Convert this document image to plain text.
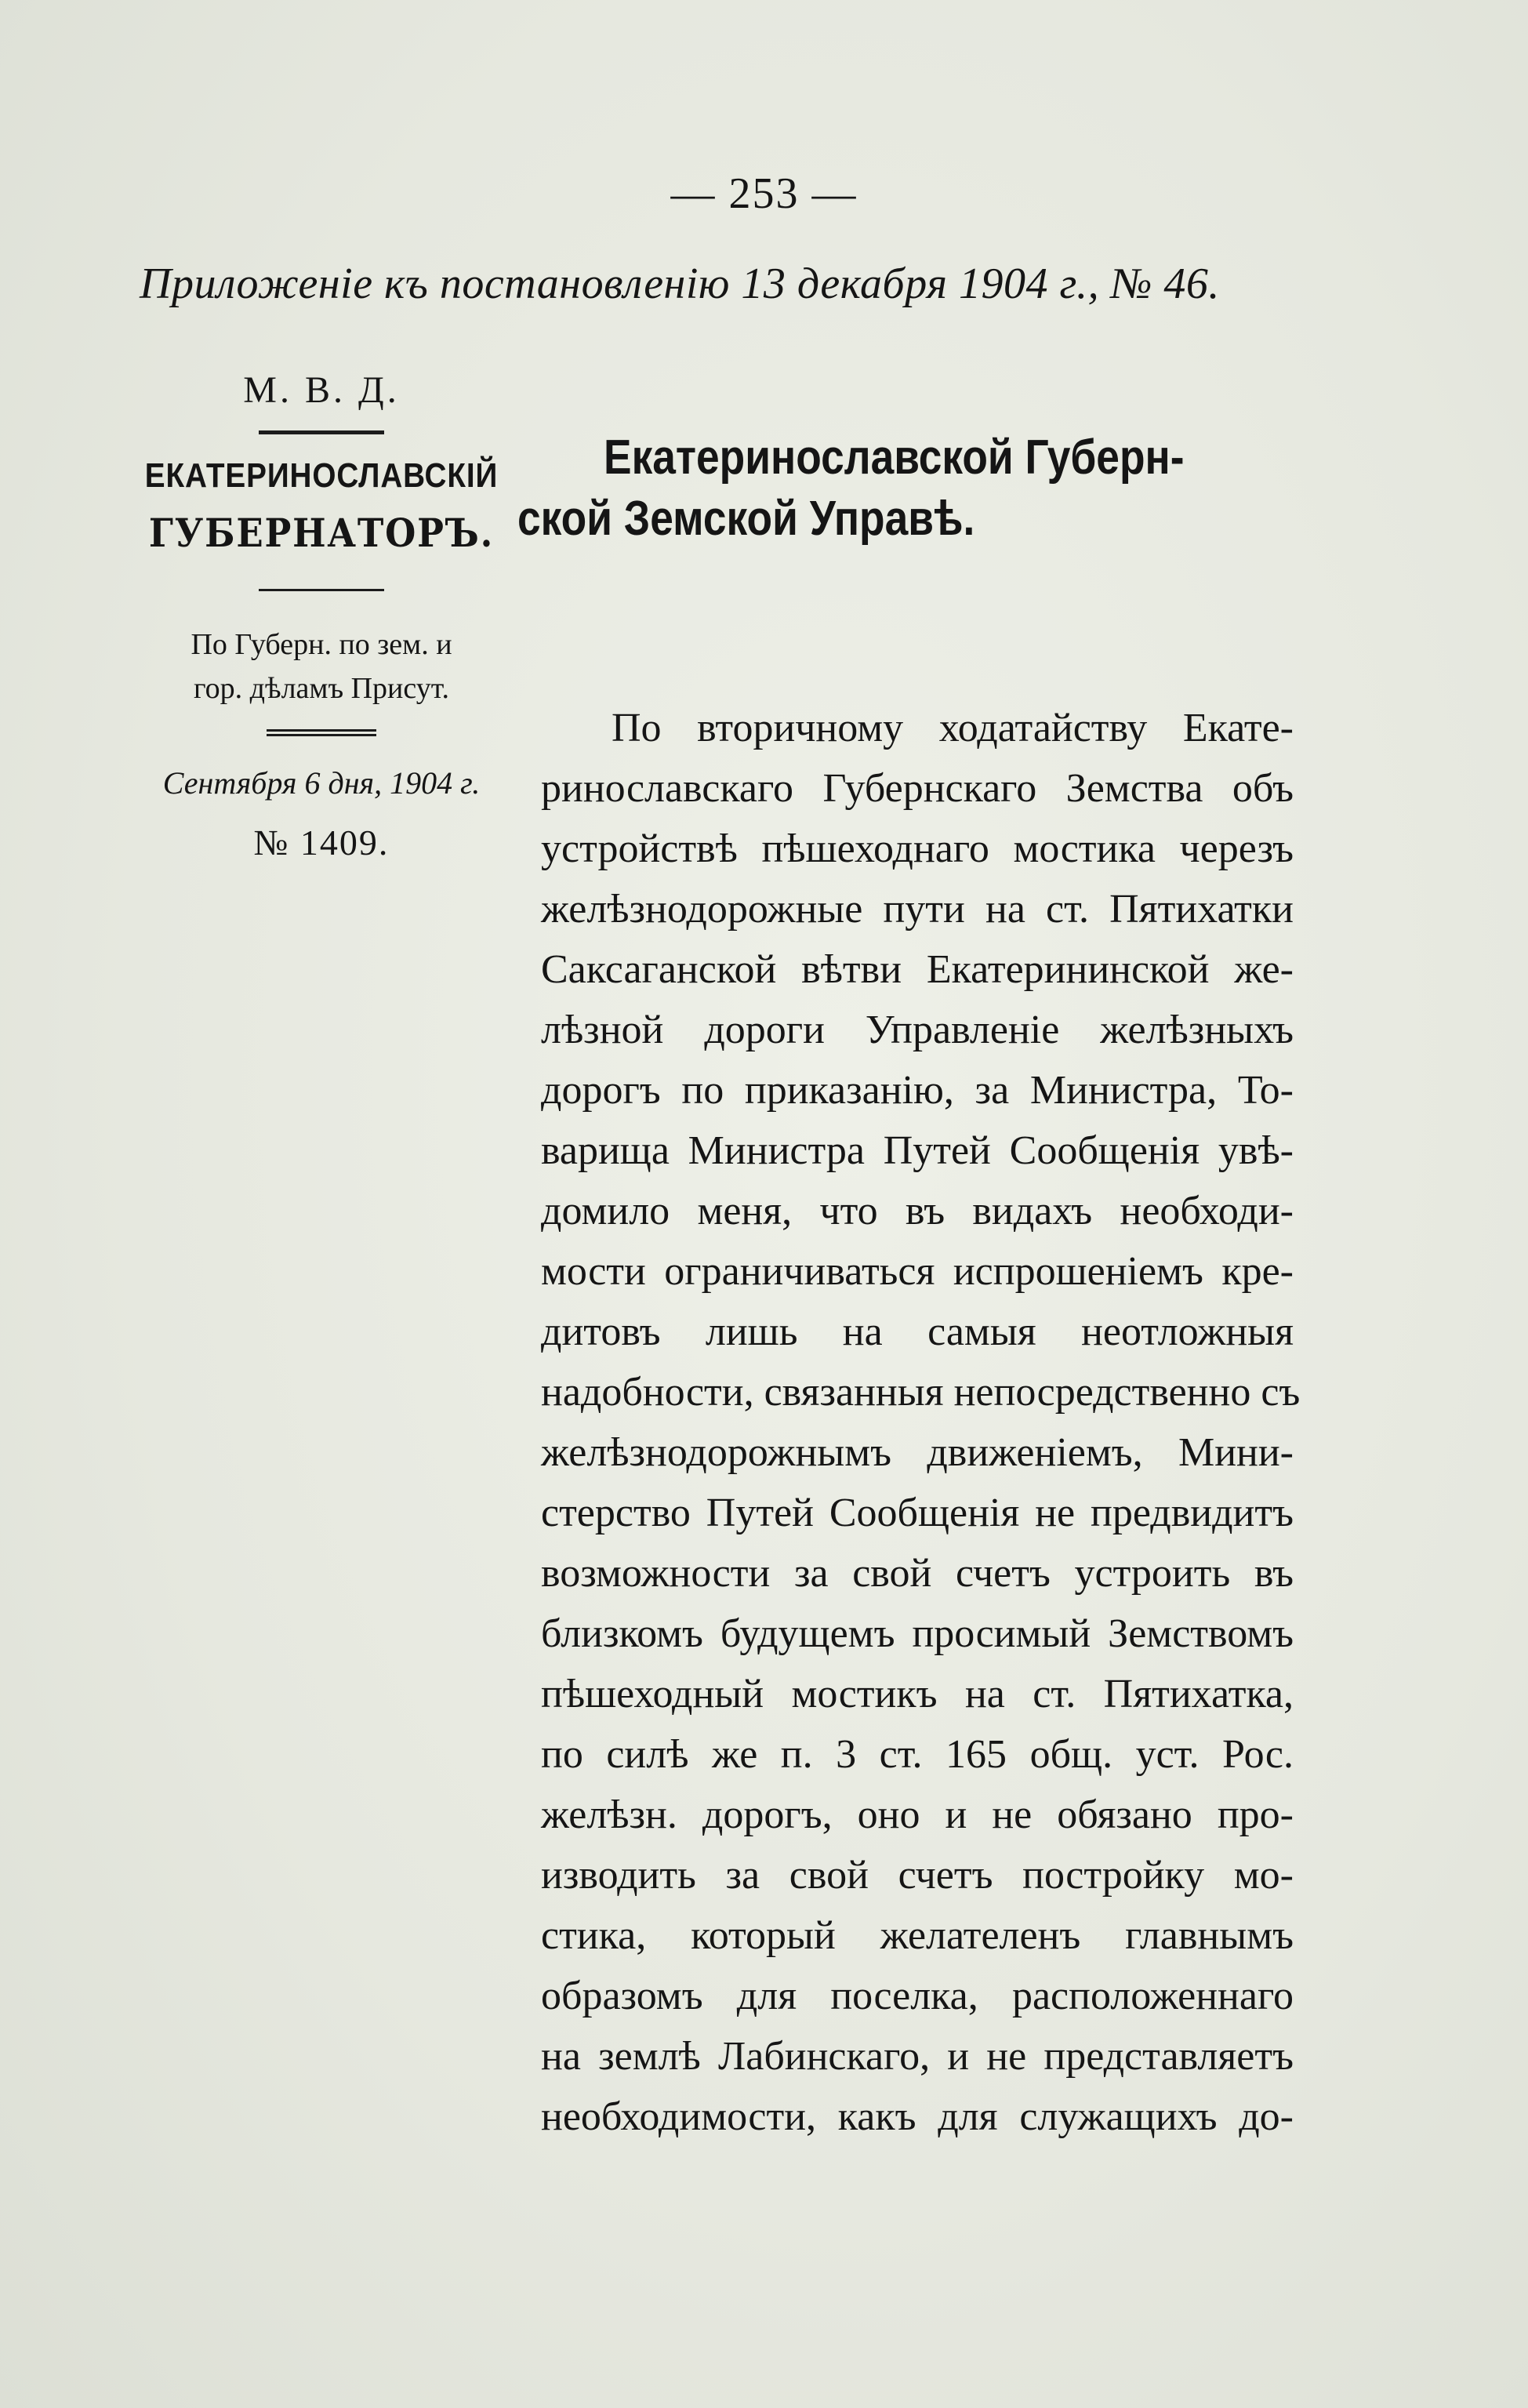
— 253 —
Приложеніе къ постановленію 13 декабря 1904 г., № 46.
М. В. Д.
ЕКАТЕРИНОСЛАВСКІЙ
ГУБЕРНАТОРЪ.
По Губерн. по зем. и
гор. дѣламъ Присут.
Сентября 6 дня, 1904 г.
№ 1409.
Екатеринославской Губерн-
ской Земской Управѣ.
По вторичному ходатайству Екате-
ринославскаго Губернскаго Земства объ
устройствѣ пѣшеходнаго мостика черезъ
желѣзнодорожные пути на ст. Пятихатки
Саксаганской вѣтви Екатерининской же-
лѣзной дороги Управленіе желѣзныхъ
дорогъ по приказанію, за Министра, То-
варища Министра Путей Сообщенія увѣ-
домило меня, что въ видахъ необходи-
мости ограничиваться испрошеніемъ кре-
дитовъ лишь на самыя неотложныя
надобности, связанныя непосредственно съ
желѣзнодорожнымъ движеніемъ, Мини-
стерство Путей Сообщенія не предвидитъ
возможности за свой счетъ устроить въ
близкомъ будущемъ просимый Земствомъ
пѣшеходный мостикъ на ст. Пятихатка,
по силѣ же п. 3 ст. 165 общ. уст. Рос.
желѣзн. дорогъ, оно и не обязано про-
изводить за свой счетъ постройку мо-
стика, который желателенъ главнымъ
образомъ для поселка, расположеннаго
на землѣ Лабинскаго, и не представляетъ
необходимости, какъ для служащихъ до-
